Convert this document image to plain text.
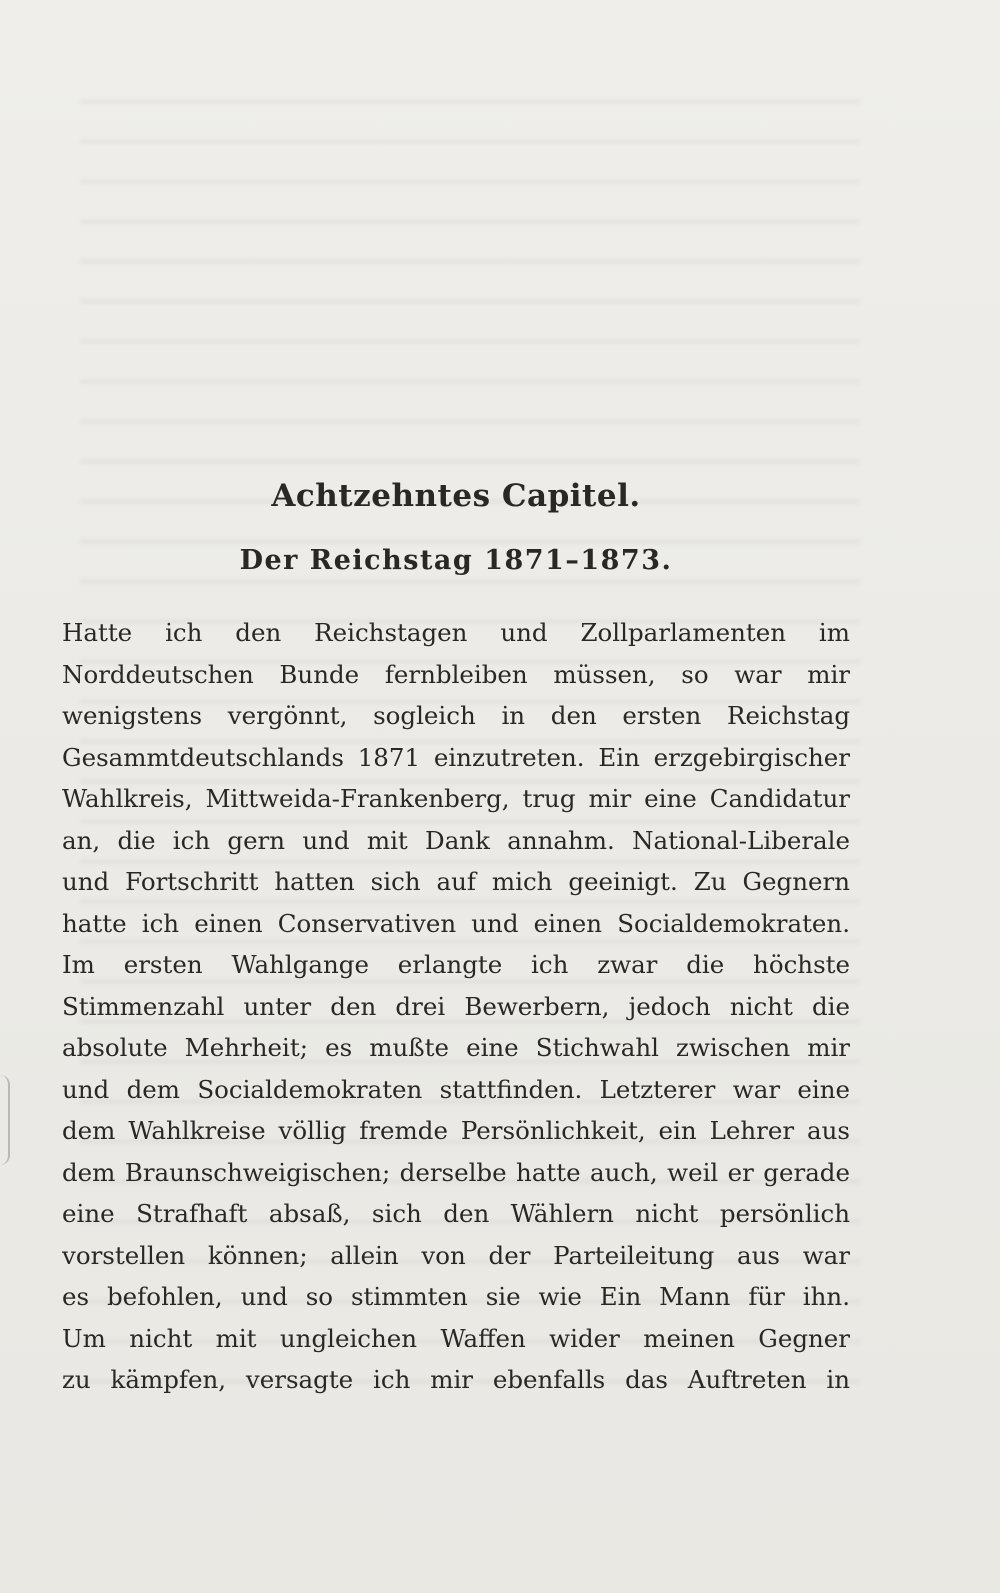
Achtzehntes Capitel.
Der Reichstag 1871–1873.
Hatte ich den Reichstagen und Zollparlamenten im
Norddeutschen Bunde fernbleiben müssen, so war mir
wenigstens vergönnt, sogleich in den ersten Reichstag
Gesammtdeutschlands 1871 einzutreten. Ein erzgebirgischer
Wahlkreis, Mittweida-Frankenberg, trug mir eine Candidatur
an, die ich gern und mit Dank annahm. National-Liberale
und Fortschritt hatten sich auf mich geeinigt. Zu Gegnern
hatte ich einen Conservativen und einen Socialdemokraten.
Im ersten Wahlgange erlangte ich zwar die höchste
Stimmenzahl unter den drei Bewerbern, jedoch nicht die
absolute Mehrheit; es mußte eine Stichwahl zwischen mir
und dem Socialdemokraten stattfinden. Letzterer war eine
dem Wahlkreise völlig fremde Persönlichkeit, ein Lehrer aus
dem Braunschweigischen; derselbe hatte auch, weil er gerade
eine Strafhaft absaß, sich den Wählern nicht persönlich
vorstellen können; allein von der Parteileitung aus war
es befohlen, und so stimmten sie wie Ein Mann für ihn.
Um nicht mit ungleichen Waffen wider meinen Gegner
zu kämpfen, versagte ich mir ebenfalls das Auftreten in
